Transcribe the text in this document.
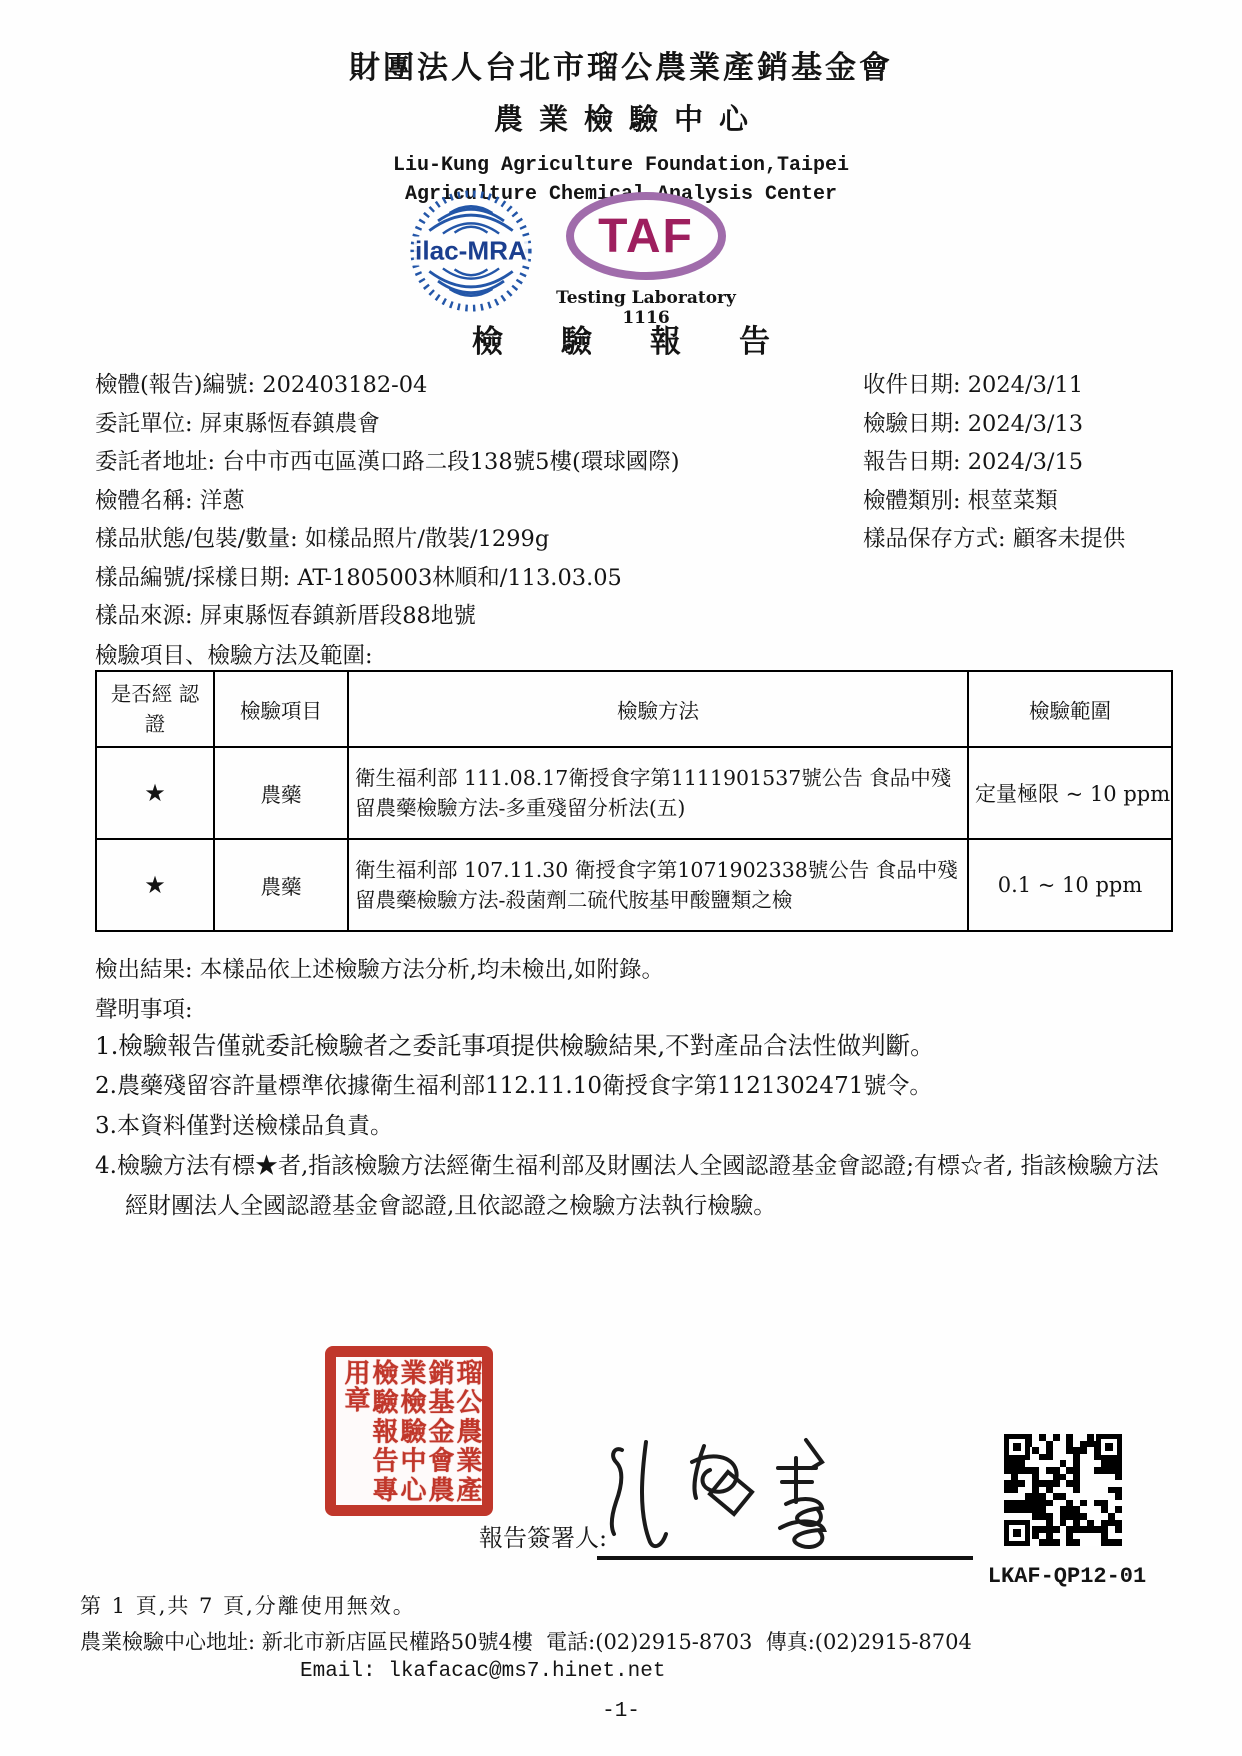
財團法人台北市瑠公農業產銷基金會
農業檢驗中心
Liu-Kung Agriculture Foundation,Taipei
Agriculture Chemical Analysis Center
ilac-MRA TAF
Testing Laboratory
1116
檢驗報告
檢體(報告)編號: 202403182-04
委託單位: 屏東縣恆春鎮農會
委託者地址: 台中市西屯區漢口路二段138號5樓(環球國際)
檢體名稱: 洋蔥
樣品狀態/包裝/數量: 如樣品照片/散裝/1299g
樣品編號/採樣日期: AT-1805003林順和/113.03.05
樣品來源: 屏東縣恆春鎮新厝段88地號
收件日期: 2024/3/11
檢驗日期: 2024/3/13
報告日期: 2024/3/15
檢體類別: 根莖菜類
樣品保存方式: 顧客未提供
檢驗項目、檢驗方法及範圍:
是否經 認證	檢驗項目	檢驗方法	檢驗範圍
★	農藥	衛生福利部 111.08.17衛授食字第1111901537號公告 食品中殘留農藥檢驗方法-多重殘留分析法(五)	定量極限 ~ 10 ppm
★	農藥	衛生福利部 107.11.30 衛授食字第1071902338號公告 食品中殘留農藥檢驗方法-殺菌劑二硫代胺基甲酸鹽類之檢	0.1 ~ 10 ppm
檢出結果: 本樣品依上述檢驗方法分析,均未檢出,如附錄。
聲明事項:
1.檢驗報告僅就委託檢驗者之委託事項提供檢驗結果,不對產品合法性做判斷。
2.農藥殘留容許量標準依據衛生福利部112.11.10衛授食字第1121302471號令。
3.本資料僅對送檢樣品負責。
4.檢驗方法有標★者,指該檢驗方法經衛生福利部及財團法人全國認證基金會認證;有標☆者, 指該檢驗方法經財團法人全國認證基金會認證,且依認證之檢驗方法執行檢驗。
瑠公農業產銷基金會農業檢驗中心檢驗報告專用章
報告簽署人:
LKAF-QP12-01
第 1 頁,共 7 頁,分離使用無效。
農業檢驗中心地址: 新北市新店區民權路50號4樓  電話:(02)2915-8703  傳真:(02)2915-8704
Email: lkafacac@ms7.hinet.net
-1-
